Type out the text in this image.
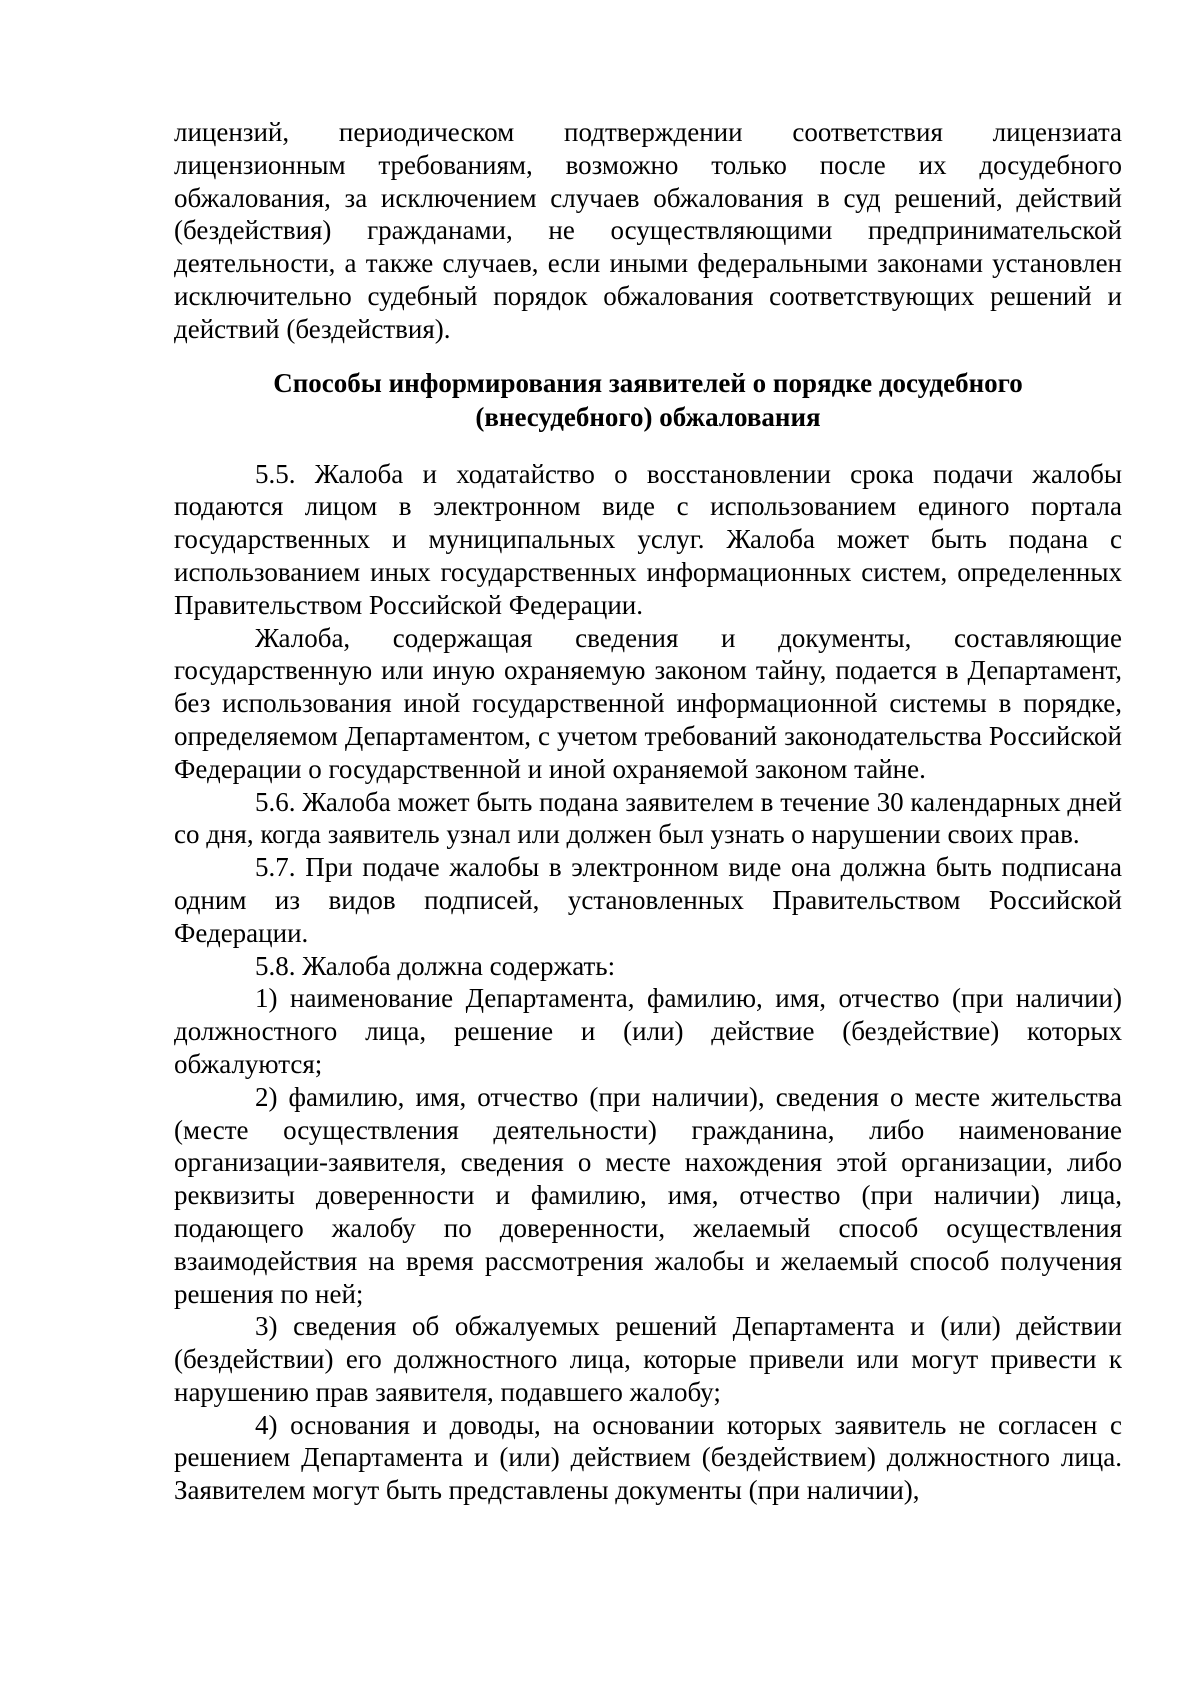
лицензий, периодическом подтверждении соответствия лицензиата лицензионным требованиям, возможно только после их досудебного обжалования, за исключением случаев обжалования в суд решений, действий (бездействия) гражданами, не осуществляющими предпринимательской деятельности, а также случаев, если иными федеральными законами установлен исключительно судебный порядок обжалования соответствующих решений и действий (бездействия).

Способы информирования заявителей о порядке досудебного
(внесудебного) обжалования

5.5. Жалоба и ходатайство о восстановлении срока подачи жалобы подаются лицом в электронном виде с использованием единого портала государственных и муниципальных услуг. Жалоба может быть подана с использованием иных государственных информационных систем, определенных Правительством Российской Федерации.

Жалоба, содержащая сведения и документы, составляющие государственную или иную охраняемую законом тайну, подается в Департамент, без использования иной государственной информационной системы в порядке, определяемом Департаментом, с учетом требований законодательства Российской Федерации о государственной и иной охраняемой законом тайне.

5.6. Жалоба может быть подана заявителем в течение 30 календарных дней со дня, когда заявитель узнал или должен был узнать о нарушении своих прав.

5.7. При подаче жалобы в электронном виде она должна быть подписана одним из видов подписей, установленных Правительством Российской Федерации.

5.8. Жалоба должна содержать:

1) наименование Департамента, фамилию, имя, отчество (при наличии) должностного лица, решение и (или) действие (бездействие) которых обжалуются;

2) фамилию, имя, отчество (при наличии), сведения о месте жительства (месте осуществления деятельности) гражданина, либо наименование организации-заявителя, сведения о месте нахождения этой организации, либо реквизиты доверенности и фамилию, имя, отчество (при наличии) лица, подающего жалобу по доверенности, желаемый способ осуществления взаимодействия на время рассмотрения жалобы и желаемый способ получения решения по ней;

3) сведения об обжалуемых решений Департамента и (или) действии (бездействии) его должностного лица, которые привели или могут привести к нарушению прав заявителя, подавшего жалобу;

4) основания и доводы, на основании которых заявитель не согласен с решением Департамента и (или) действием (бездействием) должностного лица. Заявителем могут быть представлены документы (при наличии),
